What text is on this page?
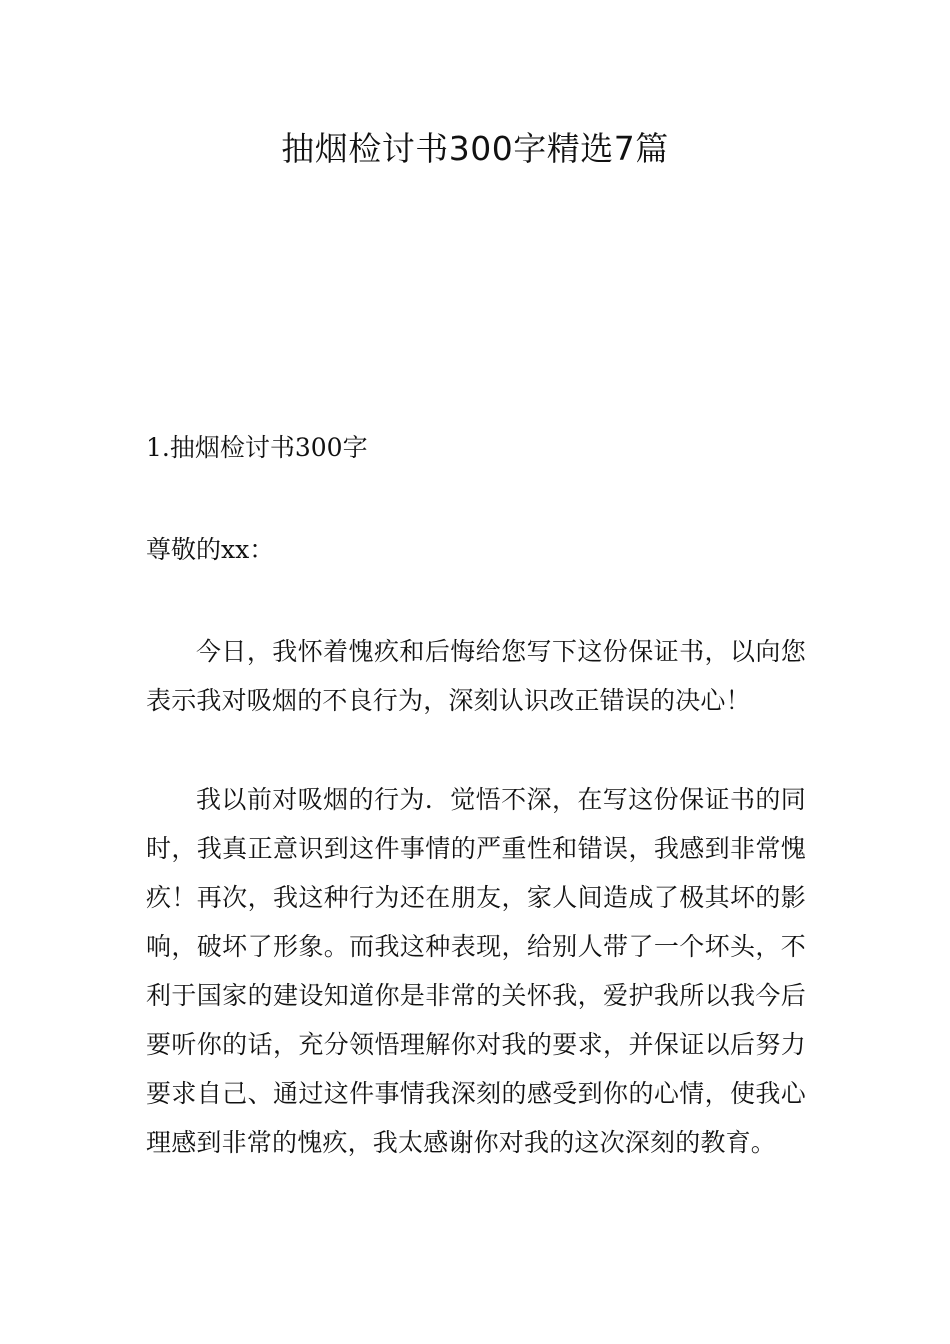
抽烟检讨书300字精选7篇

1.抽烟检讨书300字

尊敬的xx：

今日，我怀着愧疚和后悔给您写下这份保证书，以向您表示我对吸烟的不良行为，深刻认识改正错误的决心！

我以前对吸烟的行为．觉悟不深，在写这份保证书的同时，我真正意识到这件事情的严重性和错误，我感到非常愧疚！再次，我这种行为还在朋友，家人间造成了极其坏的影响，破坏了形象。而我这种表现，给别人带了一个坏头，不利于国家的建设知道你是非常的关怀我，爱护我所以我今后要听你的话，充分领悟理解你对我的要求，并保证以后努力要求自己、通过这件事情我深刻的感受到你的心情，使我心理感到非常的愧疚，我太感谢你对我的这次深刻的教育。
